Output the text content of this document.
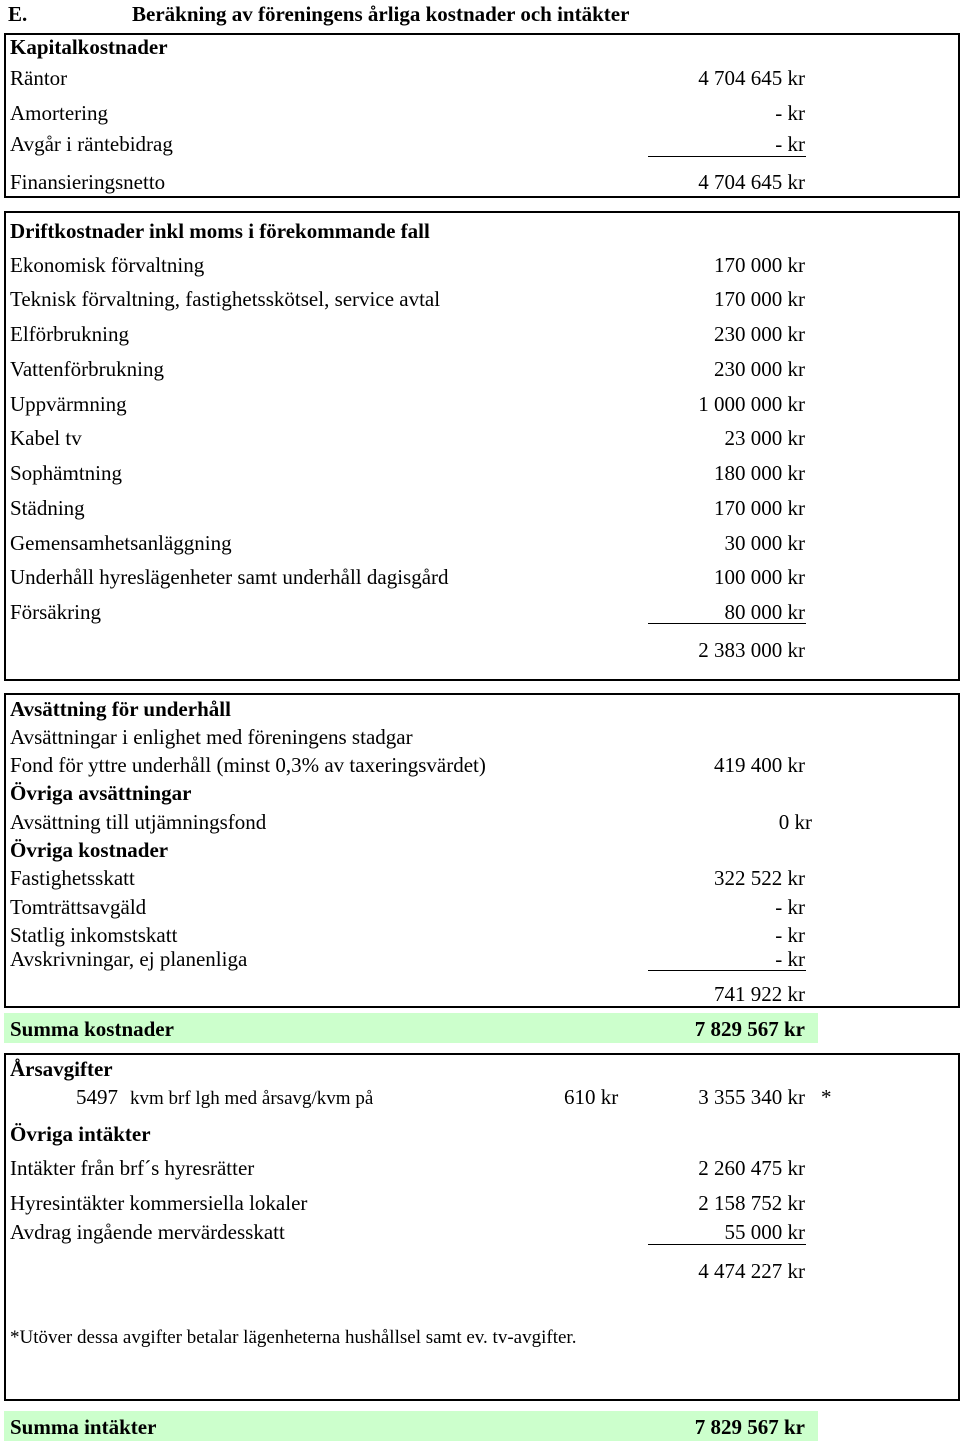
E.	Beräkning av föreningens årliga kostnader och intäkter
Kapitalkostnader
Räntor	4 704 645 kr
Amortering	- kr
Avgår i räntebidrag	- kr
Finansieringsnetto	4 704 645 kr
Driftkostnader inkl moms i förekommande fall
Ekonomisk förvaltning	170 000 kr
Teknisk förvaltning, fastighetsskötsel, service avtal	170 000 kr
Elförbrukning	230 000 kr
Vattenförbrukning	230 000 kr
Uppvärmning	1 000 000 kr
Kabel tv	23 000 kr
Sophämtning	180 000 kr
Städning	170 000 kr
Gemensamhetsanläggning	30 000 kr
Underhåll hyreslägenheter samt underhåll dagisgård	100 000 kr
Försäkring	80 000 kr
2 383 000 kr
Avsättning för underhåll
Avsättningar i enlighet med föreningens stadgar
Fond för yttre underhåll (minst 0,3% av taxeringsvärdet)	419 400 kr
Övriga avsättningar
Avsättning till utjämningsfond	0 kr
Övriga kostnader
Fastighetsskatt	322 522 kr
Tomträttsavgäld	- kr
Statlig inkomstskatt	- kr
Avskrivningar, ej planenliga	- kr
741 922 kr
Summa kostnader	7 829 567 kr
Årsavgifter
5497 kvm brf lgh med årsavg/kvm på	610 kr	3 355 340 kr *
Övriga intäkter
Intäkter från brf´s hyresrätter	2 260 475 kr
Hyresintäkter kommersiella lokaler	2 158 752 kr
Avdrag ingående mervärdesskatt	55 000 kr
4 474 227 kr
*Utöver dessa avgifter betalar lägenheterna hushållsel samt ev. tv-avgifter.
Summa intäkter	7 829 567 kr
